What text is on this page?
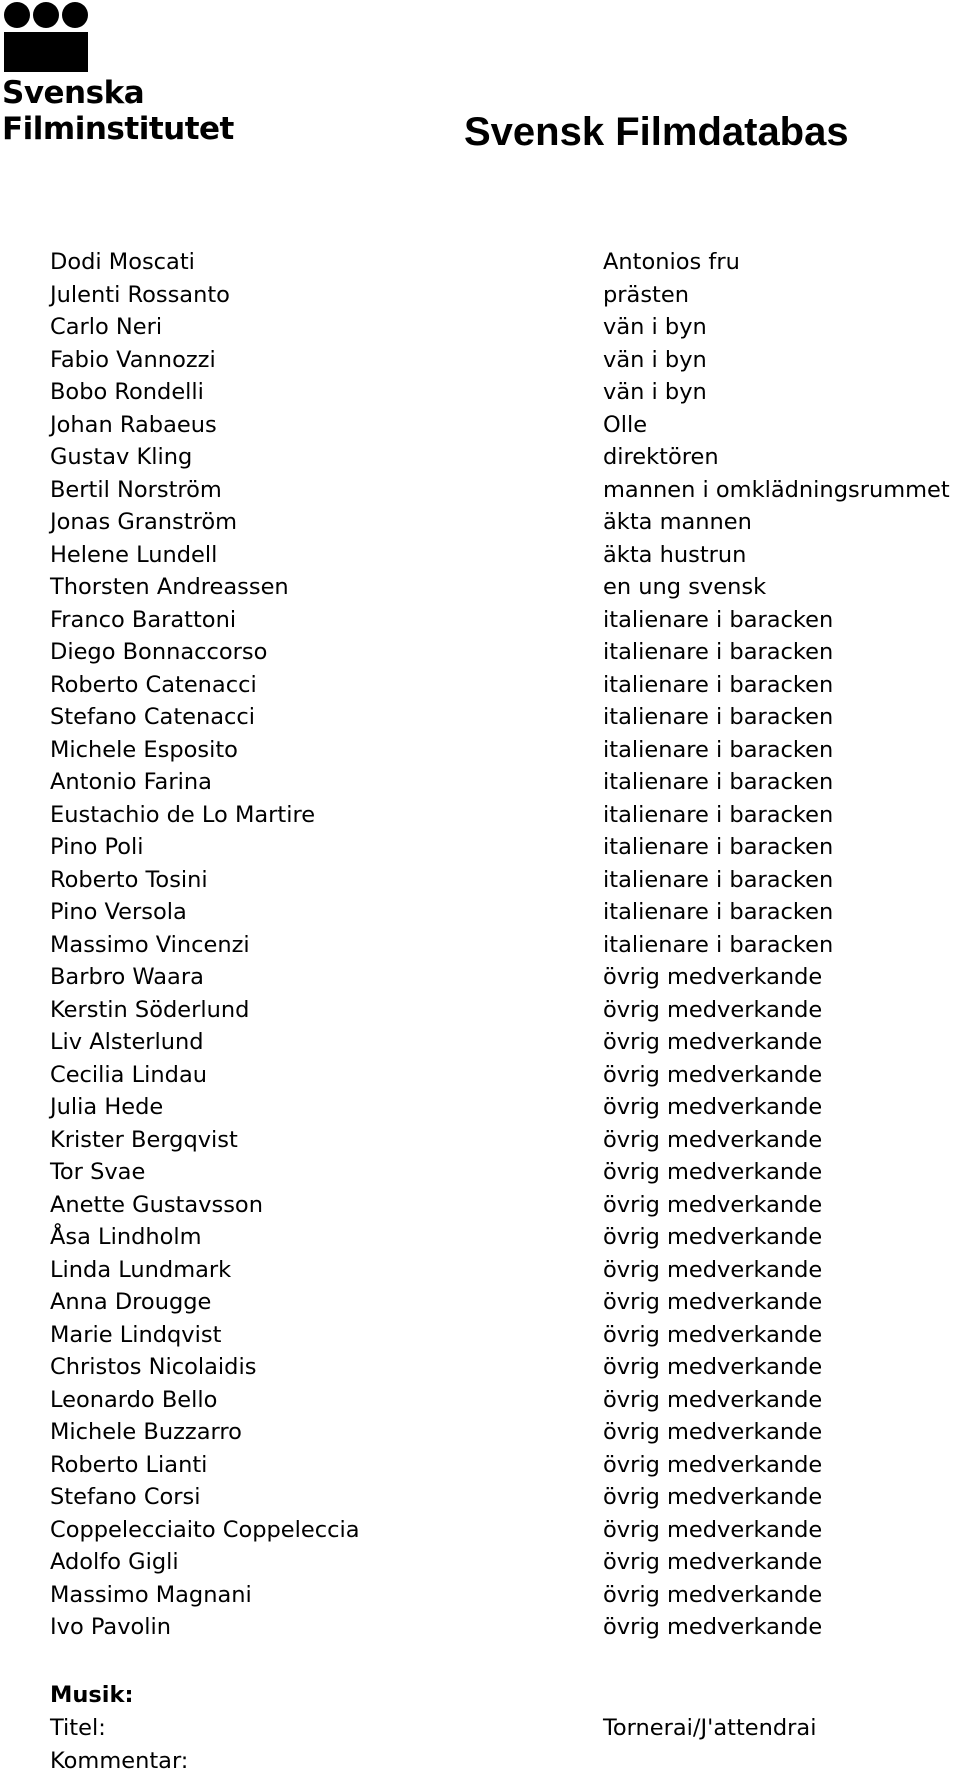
Svenska
Filminstitutet	Svensk Filmdatabas
Dodi Moscati	Antonios fru
Julenti Rossanto	prästen
Carlo Neri	vän i byn
Fabio Vannozzi	vän i byn
Bobo Rondelli	vän i byn
Johan Rabaeus	Olle
Gustav Kling	direktören
Bertil Norström	mannen i omklädningsrummet
Jonas Granström	äkta mannen
Helene Lundell	äkta hustrun
Thorsten Andreassen	en ung svensk
Franco Barattoni	italienare i baracken
Diego Bonnaccorso	italienare i baracken
Roberto Catenacci	italienare i baracken
Stefano Catenacci	italienare i baracken
Michele Esposito	italienare i baracken
Antonio Farina	italienare i baracken
Eustachio de Lo Martire	italienare i baracken
Pino Poli	italienare i baracken
Roberto Tosini	italienare i baracken
Pino Versola	italienare i baracken
Massimo Vincenzi	italienare i baracken
Barbro Waara	övrig medverkande
Kerstin Söderlund	övrig medverkande
Liv Alsterlund	övrig medverkande
Cecilia Lindau	övrig medverkande
Julia Hede	övrig medverkande
Krister Bergqvist	övrig medverkande
Tor Svae	övrig medverkande
Anette Gustavsson	övrig medverkande
Åsa Lindholm	övrig medverkande
Linda Lundmark	övrig medverkande
Anna Drougge	övrig medverkande
Marie Lindqvist	övrig medverkande
Christos Nicolaidis	övrig medverkande
Leonardo Bello	övrig medverkande
Michele Buzzarro	övrig medverkande
Roberto Lianti	övrig medverkande
Stefano Corsi	övrig medverkande
Coppelecciaito Coppeleccia	övrig medverkande
Adolfo Gigli	övrig medverkande
Massimo Magnani	övrig medverkande
Ivo Pavolin	övrig medverkande
Musik:
Titel:	Tornerai/J'attendrai
Kommentar:
